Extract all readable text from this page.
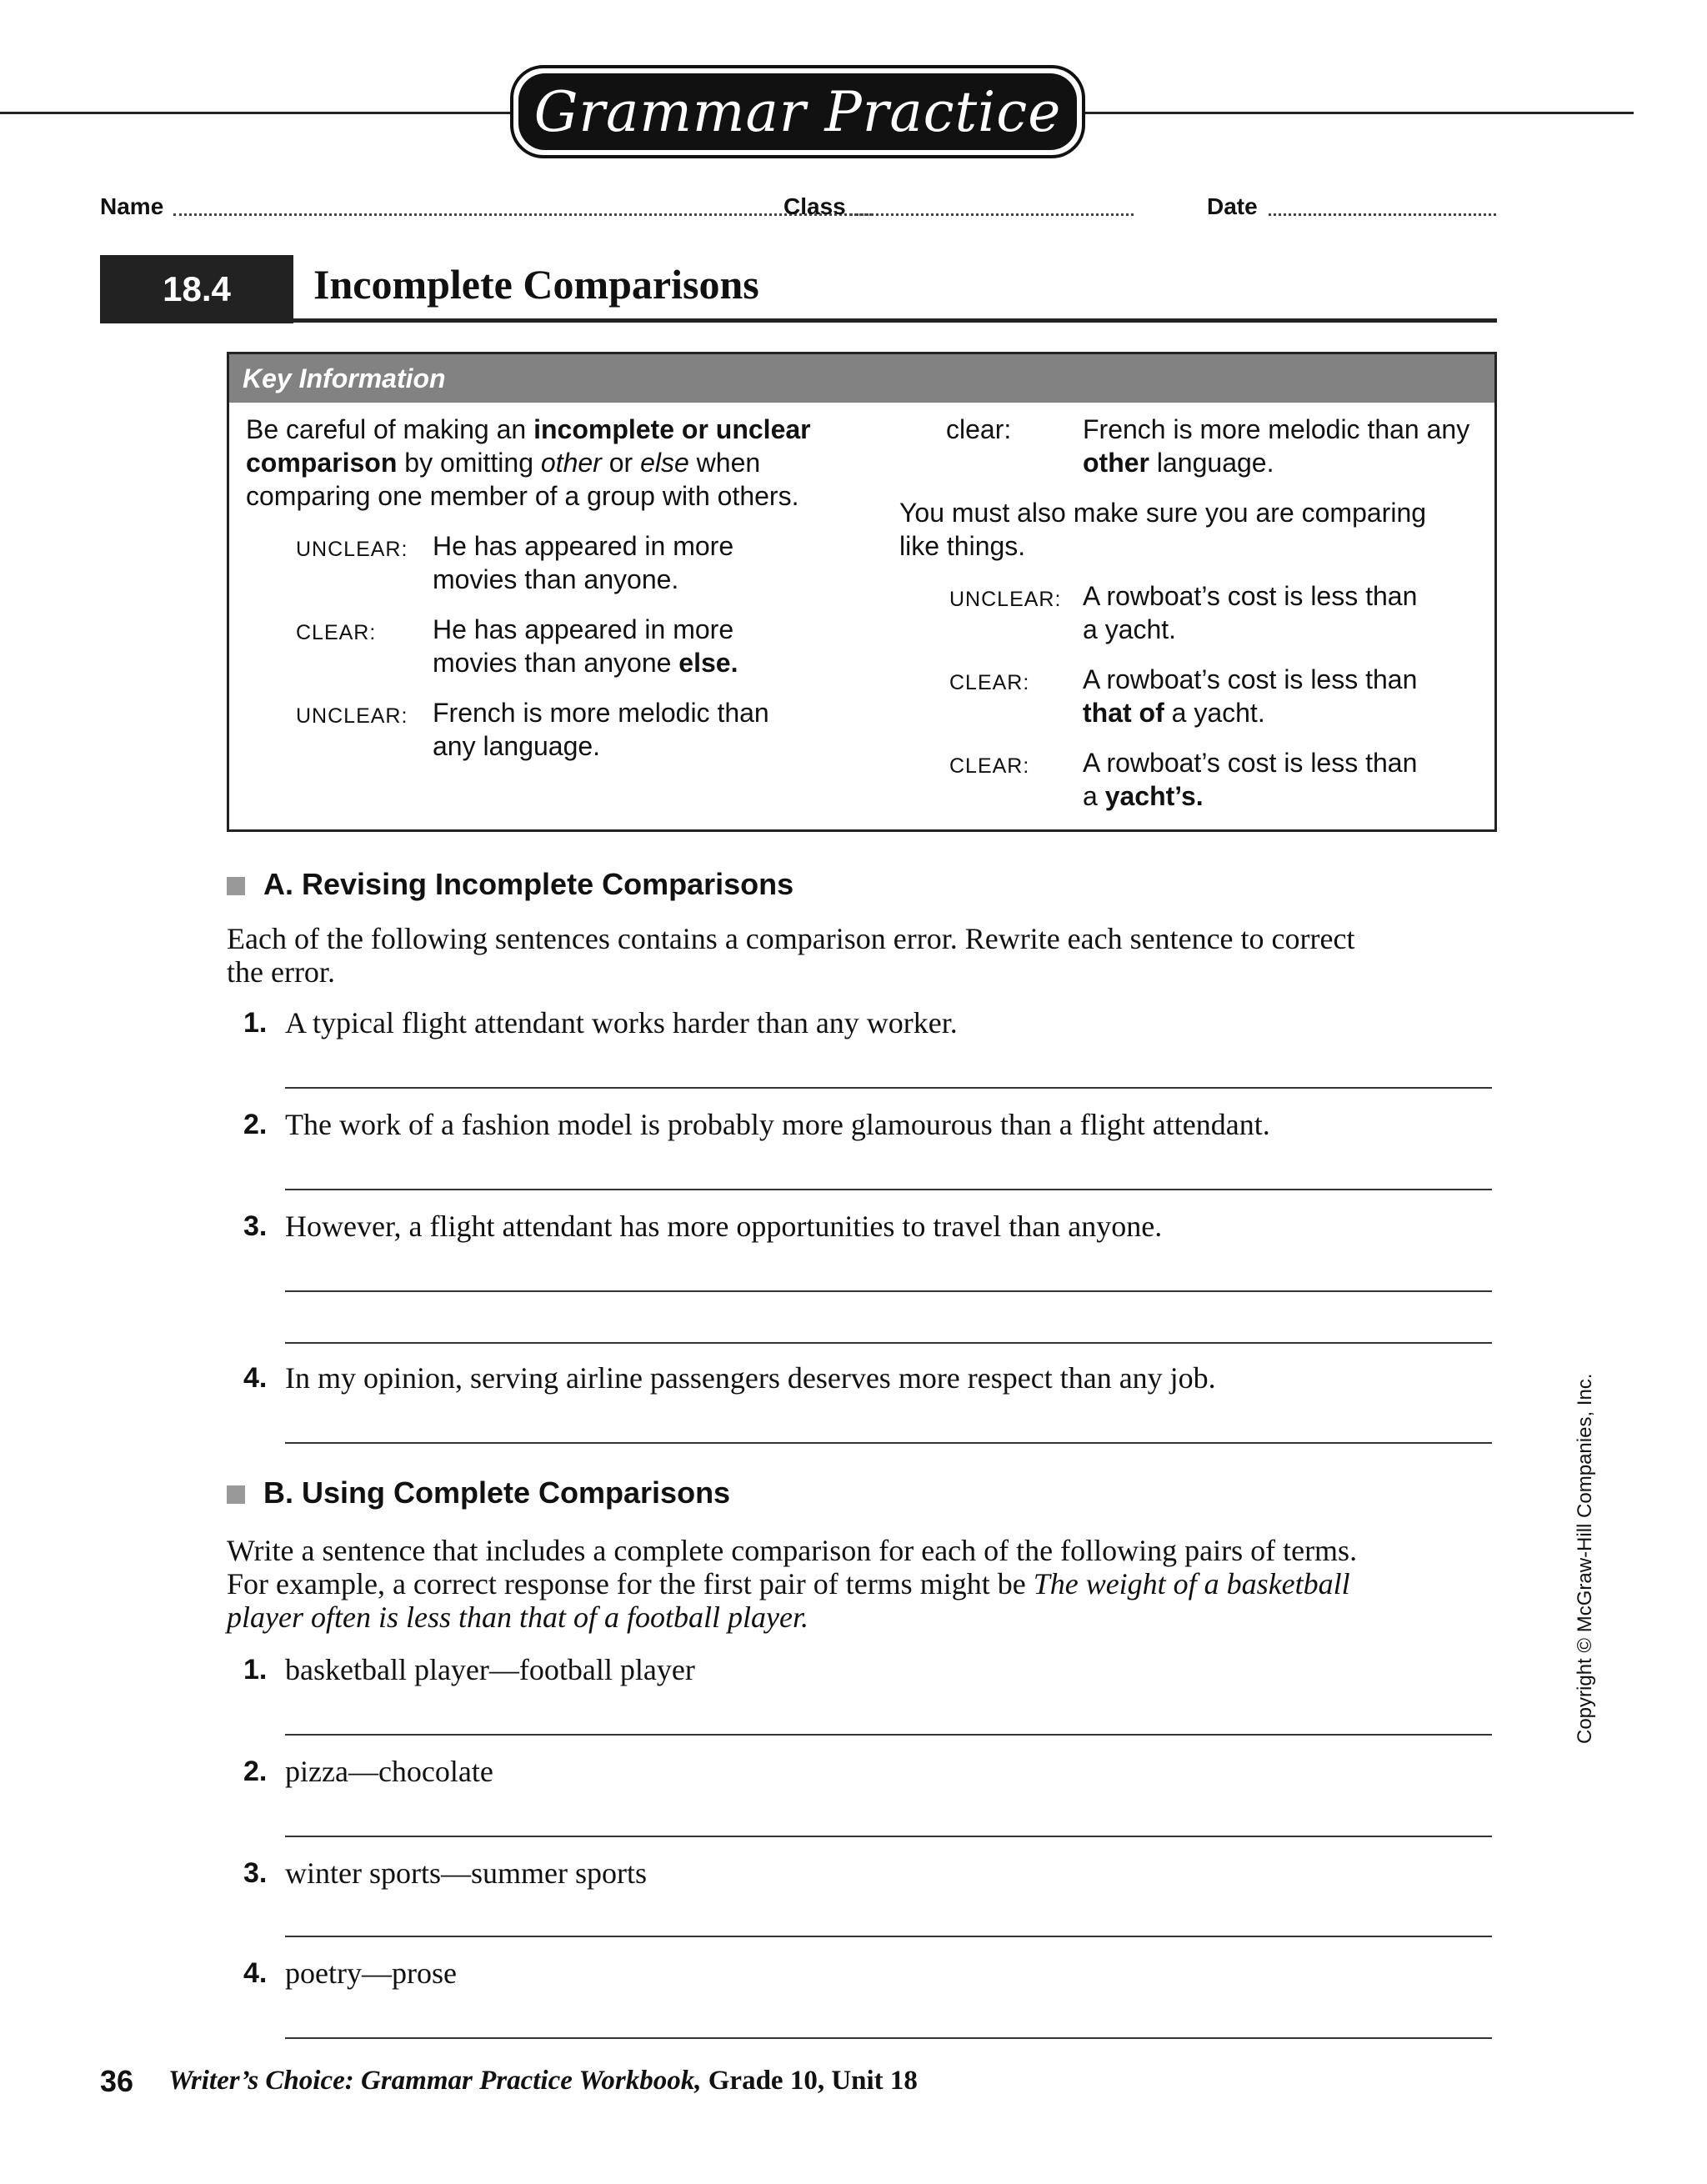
Grammar Practice
Name	Class	Date
18.4	Incomplete Comparisons
Key Information
Be careful of making an incomplete or unclear
comparison by omitting other or else when
comparing one member of a group with others.
UNCLEAR: He has appeared in more
movies than anyone.
CLEAR: He has appeared in more
movies than anyone else.
UNCLEAR: French is more melodic than
any language.
clear:	French is more melodic than any
other language.
You must also make sure you are comparing
like things.
UNCLEAR: A rowboat’s cost is less than
a yacht.
CLEAR: A rowboat’s cost is less than
that of a yacht.
CLEAR: A rowboat’s cost is less than
a yacht’s.
A. Revising Incomplete Comparisons
Each of the following sentences contains a comparison error. Rewrite each sentence to correct
the error.
1. A typical flight attendant works harder than any worker.
2. The work of a fashion model is probably more glamourous than a flight attendant.
3. However, a flight attendant has more opportunities to travel than anyone.
4. In my opinion, serving airline passengers deserves more respect than any job.
B. Using Complete Comparisons
Write a sentence that includes a complete comparison for each of the following pairs of terms.
For example, a correct response for the first pair of terms might be The weight of a basketball
player often is less than that of a football player.
1. basketball player—football player
2. pizza—chocolate
3. winter sports—summer sports
4. poetry—prose
Copyright © McGraw-Hill Companies, Inc.
36 Writer’s Choice: Grammar Practice Workbook, Grade 10, Unit 18
